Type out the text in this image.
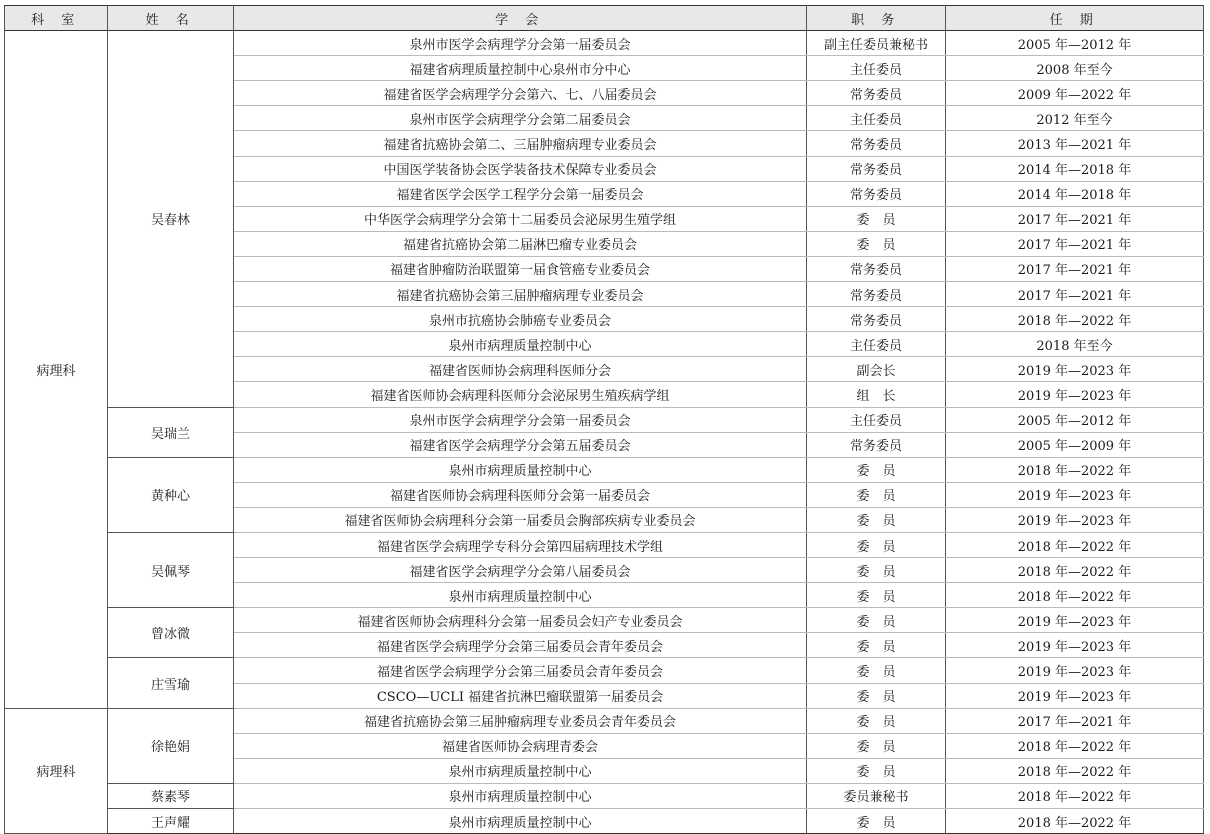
科 室	姓 名	学 会	职 务	任 期
病理科	吴春林	泉州市医学会病理学分会第一届委员会	副主任委员兼秘书	2005 年—2012 年
		福建省病理质量控制中心泉州市分中心	主任委员	2008 年至今
		福建省医学会病理学分会第六、七、八届委员会	常务委员	2009 年—2022 年
		泉州市医学会病理学分会第二届委员会	主任委员	2012 年至今
		福建省抗癌协会第二、三届肿瘤病理专业委员会	常务委员	2013 年—2021 年
		中国医学装备协会医学装备技术保障专业委员会	常务委员	2014 年—2018 年
		福建省医学会医学工程学分会第一届委员会	常务委员	2014 年—2018 年
		中华医学会病理学分会第十二届委员会泌尿男生殖学组	委　员	2017 年—2021 年
		福建省抗癌协会第二届淋巴瘤专业委员会	委　员	2017 年—2021 年
		福建省肿瘤防治联盟第一届食管癌专业委员会	常务委员	2017 年—2021 年
		福建省抗癌协会第三届肿瘤病理专业委员会	常务委员	2017 年—2021 年
		泉州市抗癌协会肺癌专业委员会	常务委员	2018 年—2022 年
		泉州市病理质量控制中心	主任委员	2018 年至今
		福建省医师协会病理科医师分会	副会长	2019 年—2023 年
		福建省医师协会病理科医师分会泌尿男生殖疾病学组	组　长	2019 年—2023 年
	吴瑞兰	泉州市医学会病理学分会第一届委员会	主任委员	2005 年—2012 年
		福建省医学会病理学分会第五届委员会	常务委员	2005 年—2009 年
	黄种心	泉州市病理质量控制中心	委　员	2018 年—2022 年
		福建省医师协会病理科医师分会第一届委员会	委　员	2019 年—2023 年
		福建省医师协会病理科分会第一届委员会胸部疾病专业委员会	委　员	2019 年—2023 年
	吴佩琴	福建省医学会病理学专科分会第四届病理技术学组	委　员	2018 年—2022 年
		福建省医学会病理学分会第八届委员会	委　员	2018 年—2022 年
		泉州市病理质量控制中心	委　员	2018 年—2022 年
	曾冰微	福建省医师协会病理科分会第一届委员会妇产专业委员会	委　员	2019 年—2023 年
		福建省医学会病理学分会第三届委员会青年委员会	委　员	2019 年—2023 年
	庄雪瑜	福建省医学会病理学分会第三届委员会青年委员会	委　员	2019 年—2023 年
		CSCO—UCLI 福建省抗淋巴瘤联盟第一届委员会	委　员	2019 年—2023 年
病理科	徐艳娟	福建省抗癌协会第三届肿瘤病理专业委员会青年委员会	委　员	2017 年—2021 年
		福建省医师协会病理青委会	委　员	2018 年—2022 年
		泉州市病理质量控制中心	委　员	2018 年—2022 年
	蔡素琴	泉州市病理质量控制中心	委员兼秘书	2018 年—2022 年
	王声耀	泉州市病理质量控制中心	委　员	2018 年—2022 年
